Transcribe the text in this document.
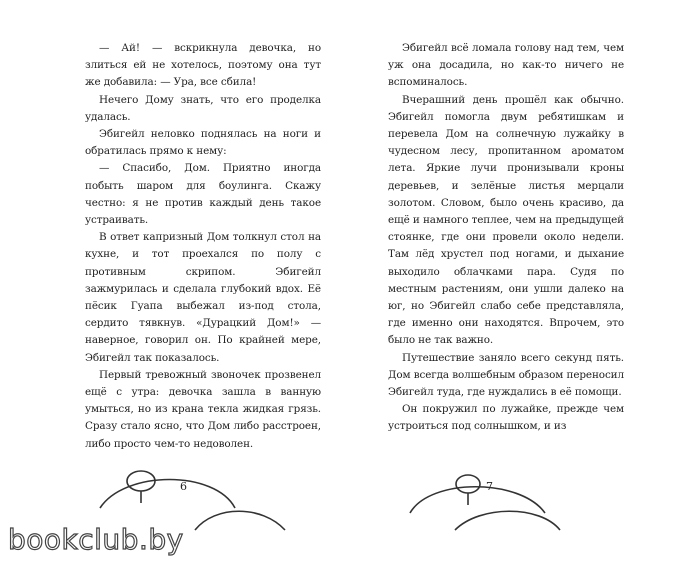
— Ай! — вскрикнула девочка, но злиться ей не хотелось, поэтому она тут же добавила: — Ура, все сбила!

Нечего Дому знать, что его проделка удалась.

Эбигейл неловко поднялась на ноги и обратилась прямо к нему:

— Спасибо, Дом. Приятно иногда побыть шаром для боулинга. Скажу честно: я не против каждый день такое устраивать.

В ответ капризный Дом толкнул стол на кухне, и тот проехался по полу с противным скрипом. Эбигейл зажмурилась и сделала глубокий вдох. Её пёсик Гуапа выбежал из-под стола, сердито тявкнув. «Дурацкий Дом!» — наверное, говорил он. По крайней мере, Эбигейл так показалось.

Первый тревожный звоночек прозвенел ещё с утра: девочка зашла в ванную умыться, но из крана текла жидкая грязь. Сразу стало ясно, что Дом либо расстроен, либо просто чем-то недоволен.

Эбигейл всё ломала голову над тем, чем уж она досадила, но как-то ничего не вспоминалось.

Вчерашний день прошёл как обычно. Эбигейл помогла двум ребятишкам и перевела Дом на солнечную лужайку в чудесном лесу, пропитанном ароматом лета. Яркие лучи пронизывали кроны деревьев, и зелёные листья мерцали золотом. Словом, было очень красиво, да ещё и намного теплее, чем на предыдущей стоянке, где они провели около недели. Там лёд хрустел под ногами, и дыхание выходило облачками пара. Судя по местным растениям, они ушли далеко на юг, но Эбигейл слабо себе представляла, где именно они находятся. Впрочем, это было не так важно.

Путешествие заняло всего секунд пять. Дом всегда волшебным образом переносил Эбигейл туда, где нуждались в её помощи.

Он покружил по лужайке, прежде чем устроиться под солнышком, и из

6	7
bookclub.by
